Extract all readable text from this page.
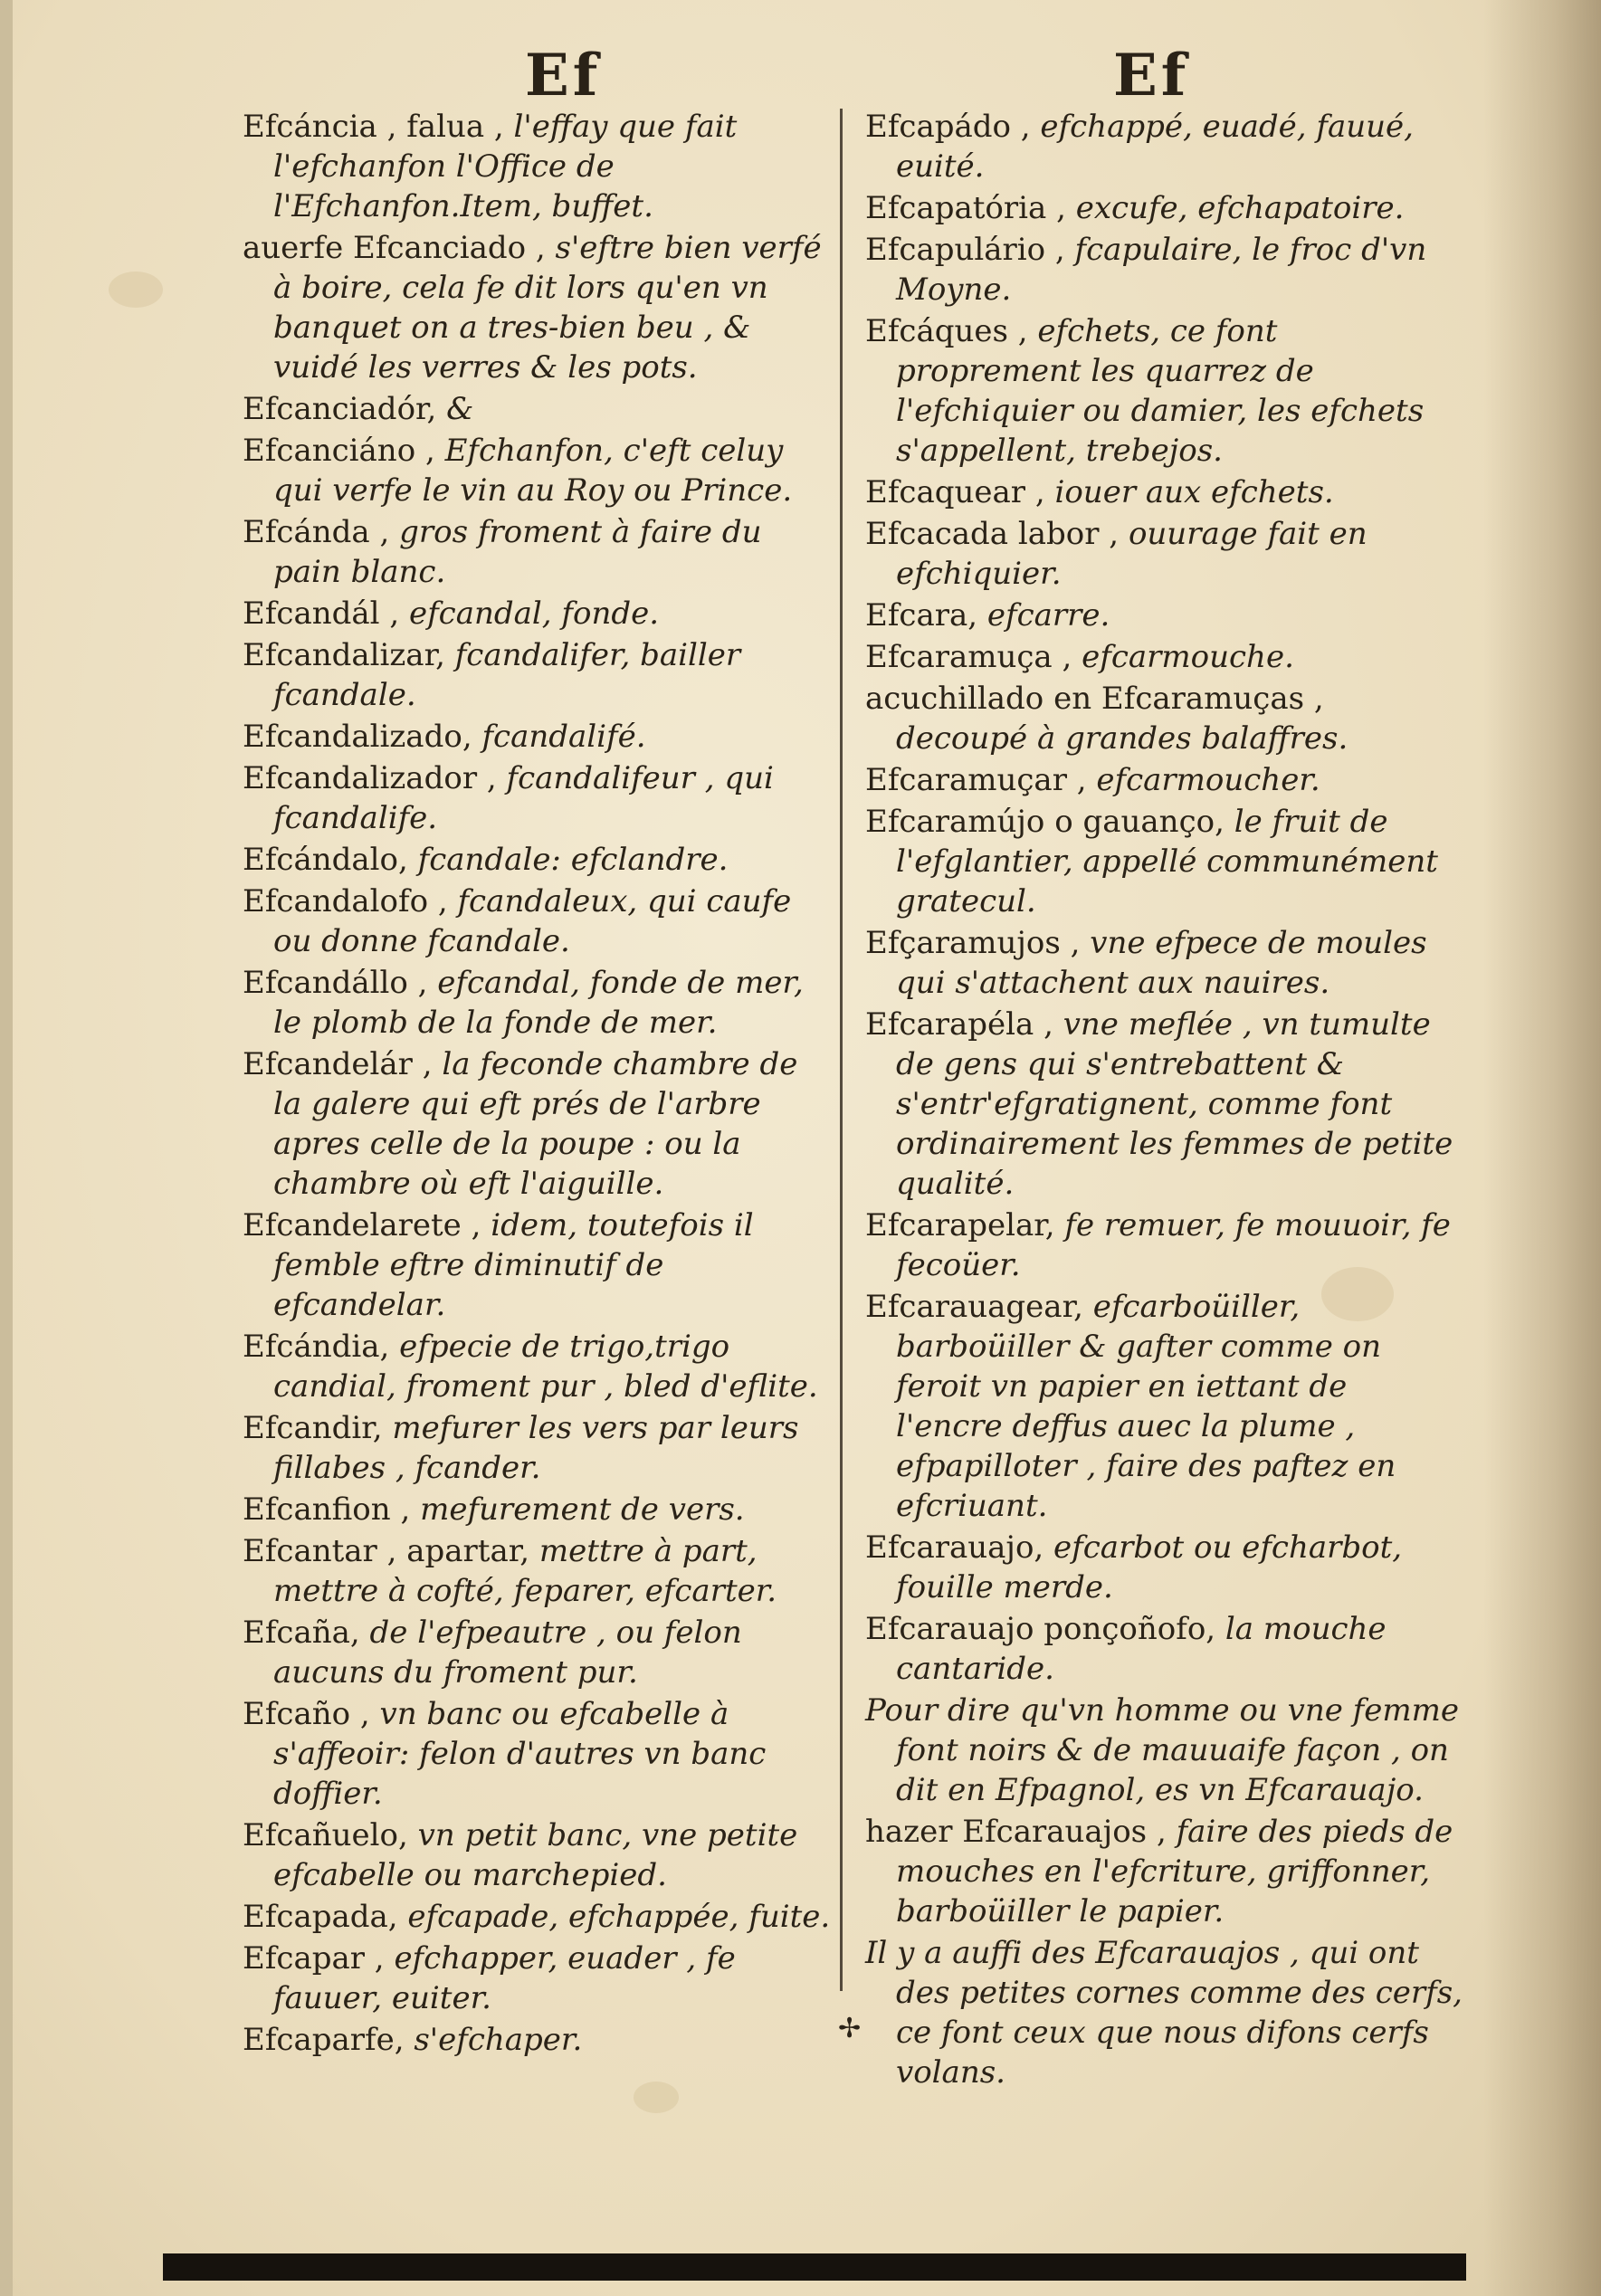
Ef	Ef
Efcáncia , falua , l'effay que fait l'efchanfon l'Office de l'Efchanfon.Item, buffet.
auerfe Efcanciado , s'eftre bien verfé à boire, cela fe dit lors qu'en vn banquet on a tres-bien beu , & vuidé les verres & les pots.
Efcanciadór, &
Efcanciáno , Efchanfon, c'eft celuy qui verfe le vin au Roy ou Prince.
Efcánda , gros froment à faire du pain blanc.
Efcandál , efcandal, fonde.
Efcandalizar, fcandalifer, bailler fcandale.
Efcandalizado, fcandalifé.
Efcandalizador , fcandalifeur , qui fcandalife.
Efcándalo, fcandale: efclandre.
Efcandalofo , fcandaleux, qui caufe ou donne fcandale.
Efcandállo , efcandal, fonde de mer, le plomb de la fonde de mer.
Efcandelár , la feconde chambre de la galere qui eft prés de l'arbre apres celle de la poupe : ou la chambre où eft l'aiguille.
Efcandelarete , idem, toutefois il femble eftre diminutif de efcandelar.
Efcándia, efpecie de trigo,trigo candial, froment pur , bled d'eflite.
Efcandir, mefurer les vers par leurs fillabes , fcander.
Efcanfion , mefurement de vers.
Efcantar , apartar, mettre à part, mettre à cofté, feparer, efcarter.
Efcaña, de l'efpeautre , ou felon aucuns du froment pur.
Efcaño , vn banc ou efcabelle à s'affeoir: felon d'autres vn banc doffier.
Efcañuelo, vn petit banc, vne petite efcabelle ou marchepied.
Efcapada, efcapade, efchappée, fuite.
Efcapar , efchapper, euader , fe fauuer, euiter.
Efcaparfe, s'efchaper.
Efcapádo , efchappé, euadé, fauué, euité.
Efcapatória , excufe, efchapatoire.
Efcapulário , fcapulaire, le froc d'vn Moyne.
Efcáques , efchets, ce font proprement les quarrez de l'efchiquier ou damier, les efchets s'appellent, trebejos.
Efcaquear , iouer aux efchets.
Efcacada labor , ouurage fait en efchiquier.
Efcara, efcarre.
Efcaramuça , efcarmouche.
acuchillado en Efcaramuças , decoupé à grandes balaffres.
Efcaramuçar , efcarmoucher.
Efcaramújo o gauanço, le fruit de l'efglantier, appellé communément gratecul.
Efçaramujos , vne efpece de moules qui s'attachent aux nauires.
Efcarapéla , vne meflée , vn tumulte de gens qui s'entrebattent & s'entr'efgratignent, comme font ordinairement les femmes de petite qualité.
Efcarapelar, fe remuer, fe mouuoir, fe fecoüer.
Efcarauagear, efcarboüiller, barboüiller & gafter comme on feroit vn papier en iettant de l'encre deffus auec la plume , efpapilloter , faire des paftez en efcriuant.
Efcarauajo, efcarbot ou efcharbot, fouille merde.
Efcarauajo ponçoñofo, la mouche cantaride.
Pour dire qu'vn homme ou vne femme font noirs & de mauuaife façon , on dit en Efpagnol, es vn Efcarauajo.
hazer Efcarauajos , faire des pieds de mouches en l'efcriture, griffonner, barboüiller le papier.
Il y a auffi des Efcarauajos , qui ont des petites cornes comme des cerfs, ce font ceux que nous difons cerfs volans.
✢
